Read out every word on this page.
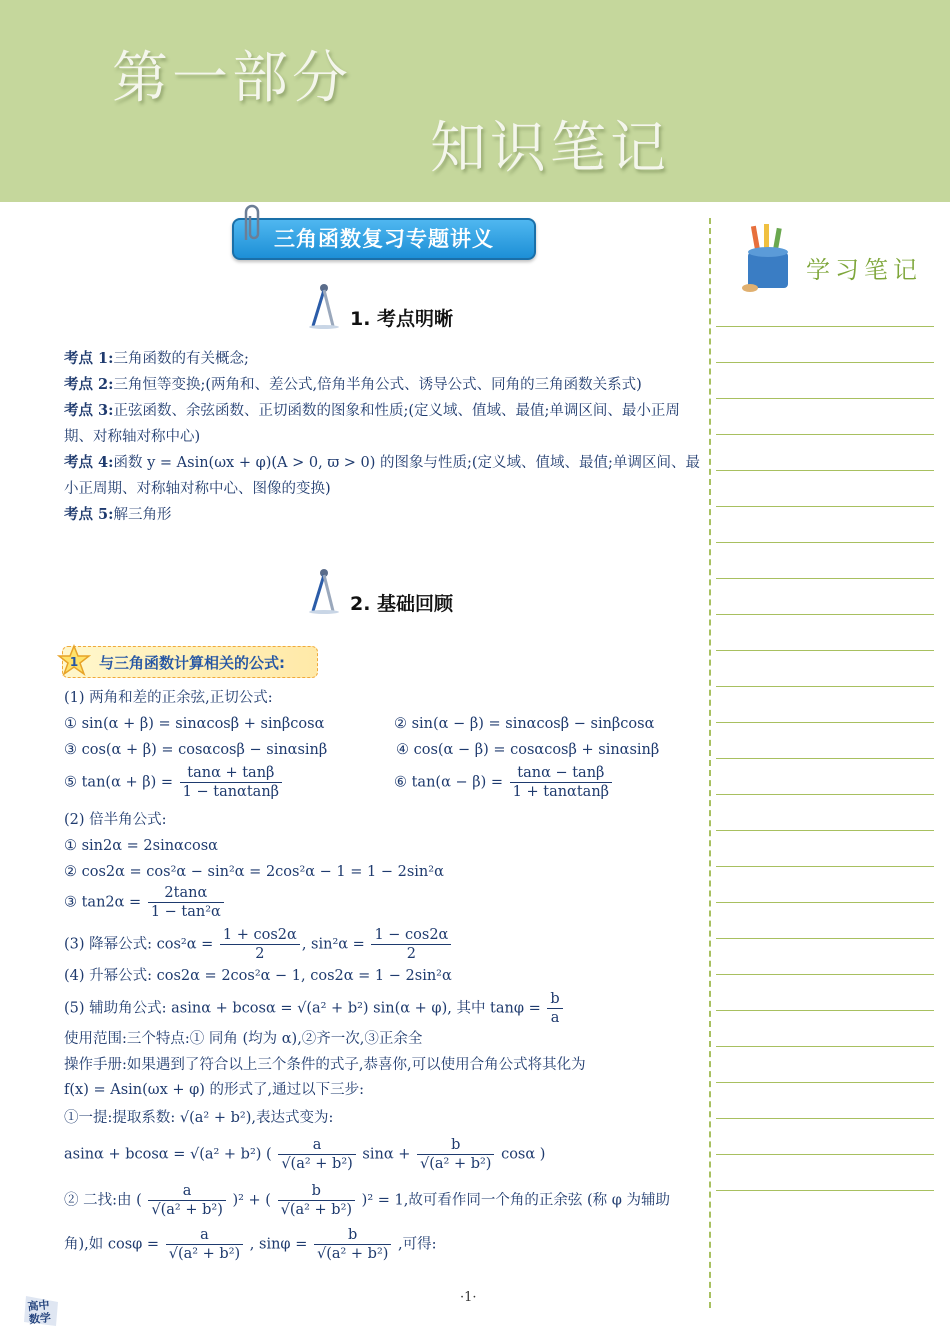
第一部分
知识笔记
三角函数复习专题讲义
1. 考点明晰
考点 1:三角函数的有关概念;
考点 2:三角恒等变换;(两角和、差公式,倍角半角公式、诱导公式、同角的三角函数关系式)
考点 3:正弦函数、余弦函数、正切函数的图象和性质;(定义域、值域、最值;单调区间、最小正周期、对称轴对称中心)
考点 4:函数 y = Asin(ωx + φ)(A > 0, ϖ > 0) 的图象与性质;(定义域、值域、最值;单调区间、最小正周期、对称轴对称中心、图像的变换)
考点 5:解三角形
2. 基础回顾
1 与三角函数计算相关的公式:
(1) 两角和差的正余弦,正切公式:
① sin(α + β) = sinαcosβ + sinβcosα	② sin(α − β) = sinαcosβ − sinβcosα
③ cos(α + β) = cosαcosβ − sinαsinβ	④ cos(α − β) = cosαcosβ + sinαsinβ
⑤ $\tan(\alpha + \beta) = \frac{\tan\alpha + \tan\beta}{1 - \tan\alpha\tan\beta}$	⑥ $\tan(\alpha - \beta) = \frac{\tan\alpha - \tan\beta}{1 + \tan\alpha\tan\beta}$
(2) 倍半角公式:
① sin2α = 2sinαcosα
② cos2α = cos²α − sin²α = 2cos²α − 1 = 1 − 2sin²α
③ $\tan 2\alpha = \frac{2\tan\alpha}{\text{1 − tan²α}}$
(3) 降幂公式: $\cos^2\alpha = \frac{1 + \cos 2\alpha}{2}$ , $\sin^2\alpha = \frac{1 - \cos 2\alpha}{2}$
(4) 升幂公式: cos2α = 2cos²α − 1, cos2α = 1 − 2sin²α
(5) 辅助角公式: asinα + bcosα = √(a² + b²) sin(α + φ), 其中 $\tan\varphi = \frac{b}{a}$
使用范围:三个特点:① 同角 (均为 α),②齐一次,③正余全
操作手册:如果遇到了符合以上三个条件的式子,恭喜你,可以使用合角公式将其化为
f(x) = Asin(ωx + φ) 的形式了,通过以下三步:
①一提:提取系数: √(a² + b²),表达式变为:
asinα + bcosα = √(a² + b²) ( $\frac{a}{\text{√(a² + b²)}}$ $\sin\alpha + \frac{b}{\text{√(a² + b²)}}$ cosα )
② 二找:由 ( $\frac{a}{\text{√(a² + b²)}} )^2$ + ( $\frac{b}{\text{√(a² + b²)}} )^2 = 1$,故可看作同一个角的正余弦 (称 φ 为辅助
角),如 $\cos\varphi = \frac{a}{\text{√(a² + b²)}}$ , $\sin\varphi = \frac{b}{\text{√(a² + b²)}}$ ,可得:
学习笔记
·1·
高中
数学
